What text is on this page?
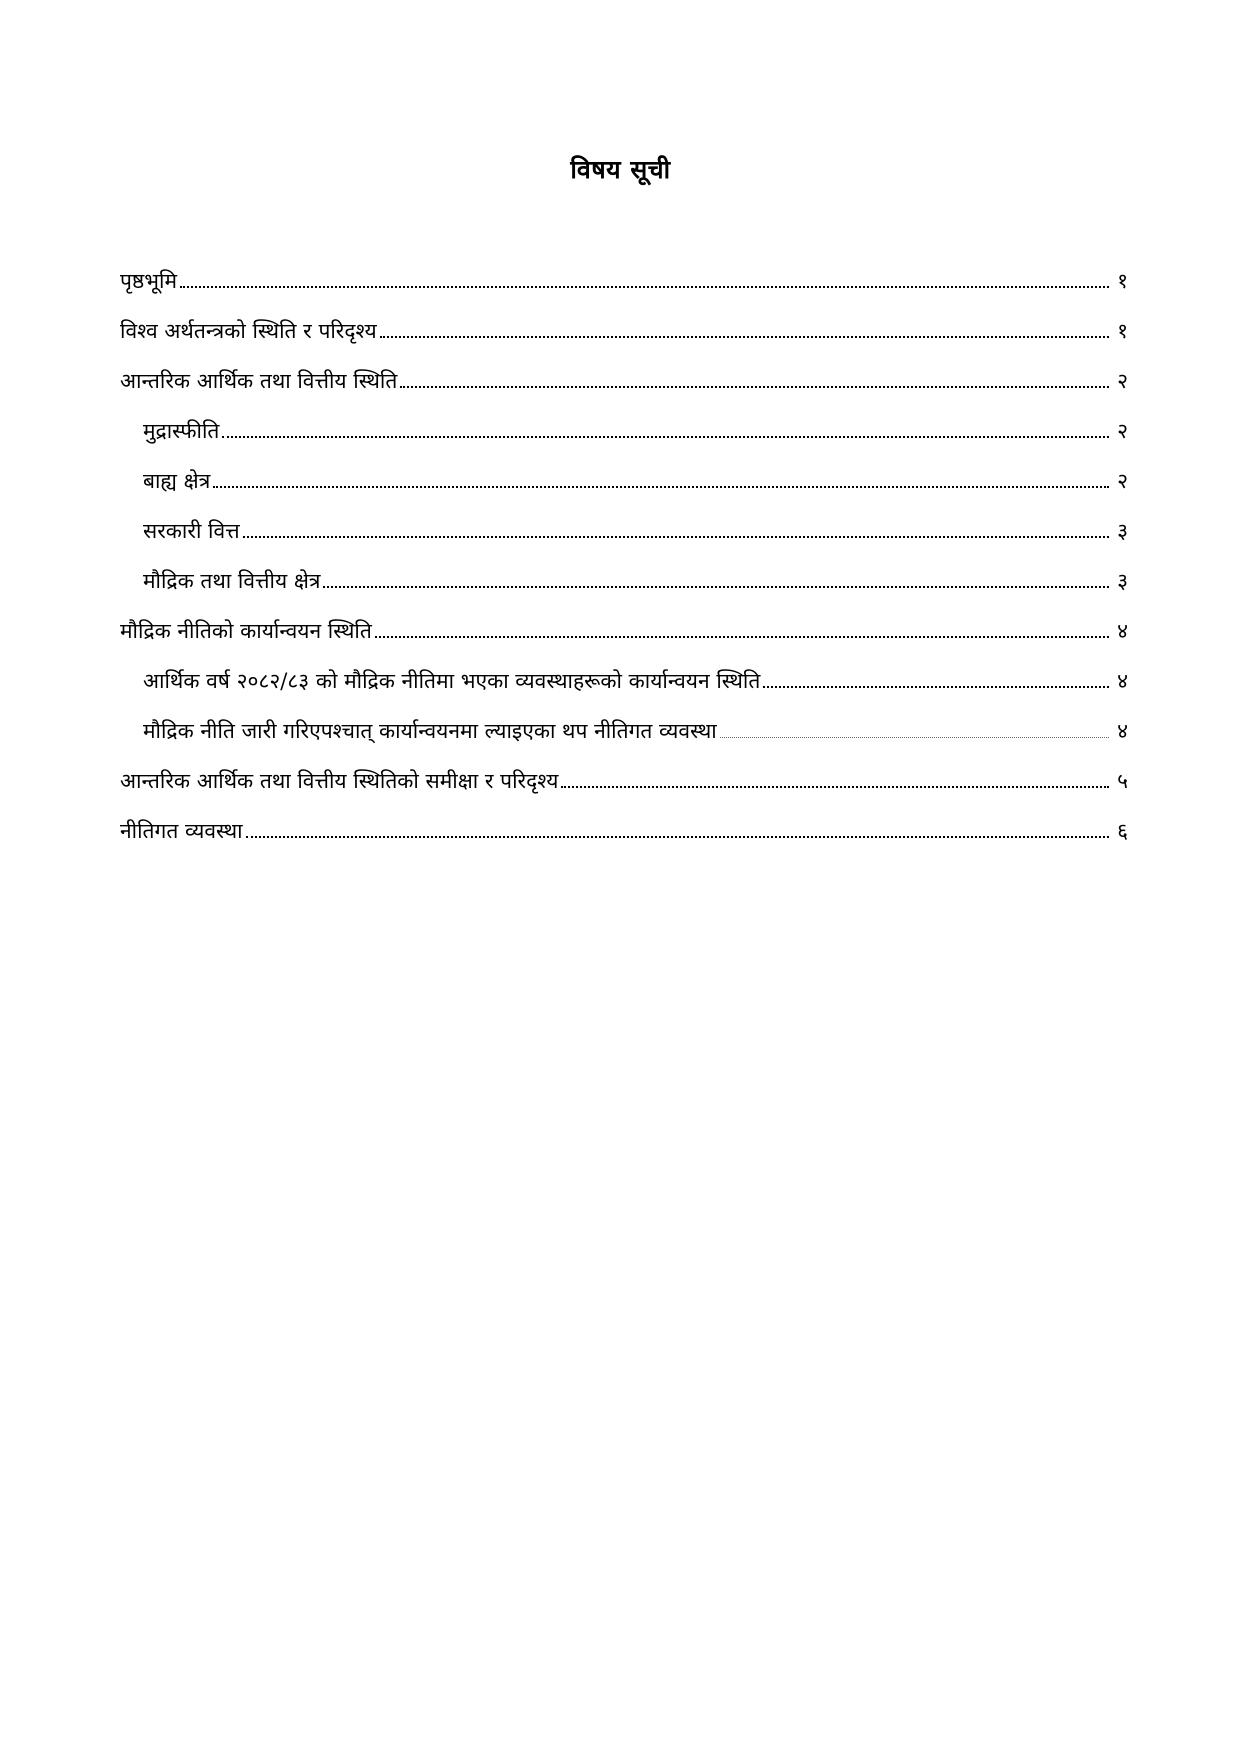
विषय सूची
पृष्ठभूमि	१
विश्व अर्थतन्त्रको स्थिति र परिदृश्य	१
आन्तरिक आर्थिक तथा वित्तीय स्थिति	२
मुद्रास्फीति	२
बाह्य क्षेत्र	२
सरकारी वित्त	३
मौद्रिक तथा वित्तीय क्षेत्र	३
मौद्रिक नीतिको कार्यान्वयन स्थिति	४
आर्थिक वर्ष २०८२/८३ को मौद्रिक नीतिमा भएका व्यवस्थाहरूको कार्यान्वयन स्थिति	४
मौद्रिक नीति जारी गरिएपश्चात् कार्यान्वयनमा ल्याइएका थप नीतिगत व्यवस्था	४
आन्तरिक आर्थिक तथा वित्तीय स्थितिको समीक्षा र परिदृश्य	५
नीतिगत व्यवस्था	६
